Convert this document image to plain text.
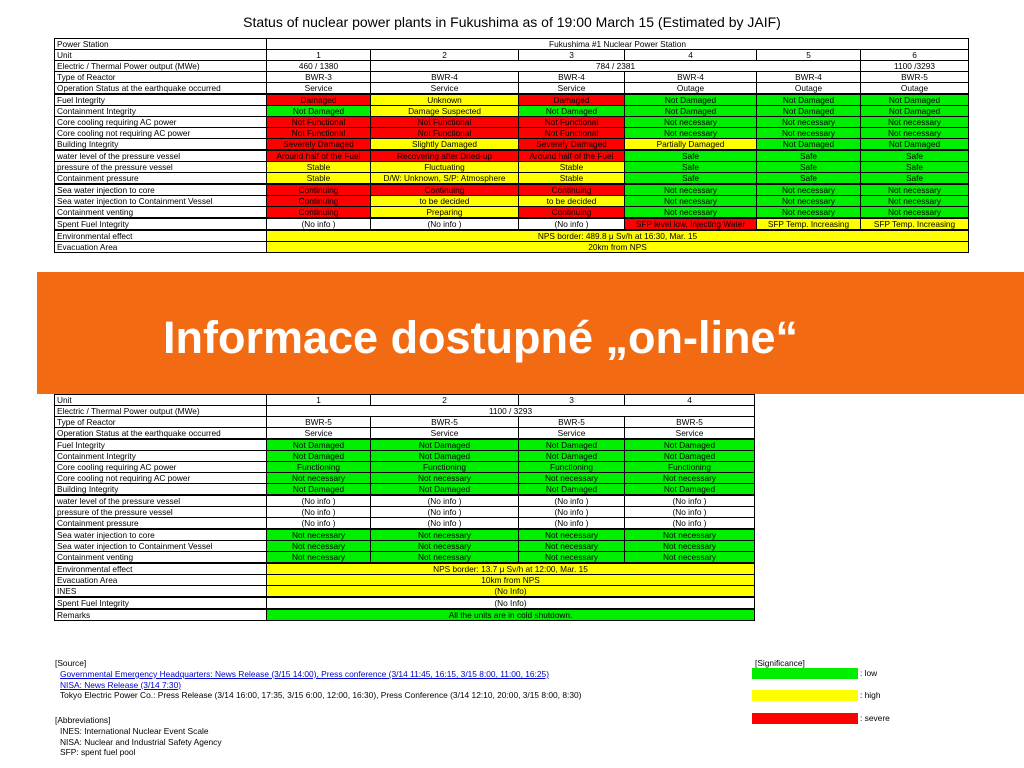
Status of nuclear power plants in Fukushima as of 19:00 March 15 (Estimated by JAIF)
Power Station	Fukushima #1 Nuclear Power Station					
Unit	1	2	3	4	5	6
Electric / Thermal Power output (MWe)	460 / 1380	784 / 2381				1100 /3293
Type of Reactor	BWR-3	BWR-4	BWR-4	BWR-4	BWR-4	BWR-5
Operation Status at the earthquake occurred	Service	Service	Service	Outage	Outage	Outage
Fuel Integrity	Damaged	Unknown	Damaged	Not Damaged	Not Damaged	Not Damaged
Containment Integrity	Not Damaged	Damage Suspected	Not Damaged	Not Damaged	Not Damaged	Not Damaged
Core cooling requiring AC power	Not Functional	Not Functional	Not Functional	Not necessary	Not necessary	Not necessary
Core cooling not requiring AC power	Not Functional	Not Functional	Not Functional	Not necessary	Not necessary	Not necessary
Building Integrity	Severely Damaged	Slightly Damaged	Severely Damaged	Partially Damaged	Not Damaged	Not Damaged
water level of the pressure vessel	Around half of the Fuel	Recovering after Dried-up	Around half of the Fuel	Safe	Safe	Safe
pressure of the pressure vessel	Stable	Fluctuating	Stable	Safe	Safe	Safe
Containment pressure	Stable	D/W: Unknown, S/P: Atmosphere	Stable	Safe	Safe	Safe
Sea water injection to core	Continuing	Continuing	Continuing	Not necessary	Not necessary	Not necessary
Sea water injection to Containment Vessel	Continuing	to be decided	to be decided	Not necessary	Not necessary	Not necessary
Containment venting	Continuing	Preparing	Continuing	Not necessary	Not necessary	Not necessary
Spent Fuel Integrity	(No info )	(No info )	(No info )	SFP level low, Injecting Water	SFP Temp. Increasing	SFP Temp. Increasing
Environmental effect	NPS border: 489.8 μ Sv/h at 16:30, Mar. 15					
Evacuation Area	20km from NPS					
Informace dostupné „on-line“
Unit	1	2	3	4
Electric / Thermal Power output (MWe)	1100 / 3293			
Type of Reactor	BWR-5	BWR-5	BWR-5	BWR-5
Operation Status at the earthquake occurred	Service	Service	Service	Service
Fuel Integrity	Not Damaged	Not Damaged	Not Damaged	Not Damaged
Containment Integrity	Not Damaged	Not Damaged	Not Damaged	Not Damaged
Core cooling requiring AC power	Functioning	Functioning	Functioning	Functioning
Core cooling not requiring AC power	Not necessary	Not necessary	Not necessary	Not necessary
Building Integrity	Not Damaged	Not Damaged	Not Damaged	Not Damaged
water level of the pressure vessel	(No info )	(No info )	(No info )	(No info )
pressure of the pressure vessel	(No info )	(No info )	(No info )	(No info )
Containment pressure	(No info )	(No info )	(No info )	(No info )
Sea water injection to core	Not necessary	Not necessary	Not necessary	Not necessary
Sea water injection to Containment Vessel	Not necessary	Not necessary	Not necessary	Not necessary
Containment venting	Not necessary	Not necessary	Not necessary	Not necessary
Environmental effect	NPS border: 13.7 μ Sv/h at 12:00, Mar. 15			
Evacuation Area	10km from NPS			
INES	(No Info)			
Spent Fuel Integrity	(No Info)			
Remarks	All the units are in cold shutdown.			
[Source]
Governmental Emergency Headquarters: News Release (3/15 14:00), Press conference (3/14 11:45, 16:15, 3/15 8:00, 11:00, 16:25)
NISA: News Release (3/14 7:30)
Tokyo Electric Power Co.: Press Release (3/14 16:00, 17:35, 3/15 6:00, 12:00, 16:30), Press Conference (3/14 12:10, 20:00, 3/15 8:00, 8:30)
[Abbreviations]
INES: International Nuclear Event Scale
NISA: Nuclear and Industrial Safety Agency
SFP: spent fuel pool
[Significance]
: low
: high
: severe
